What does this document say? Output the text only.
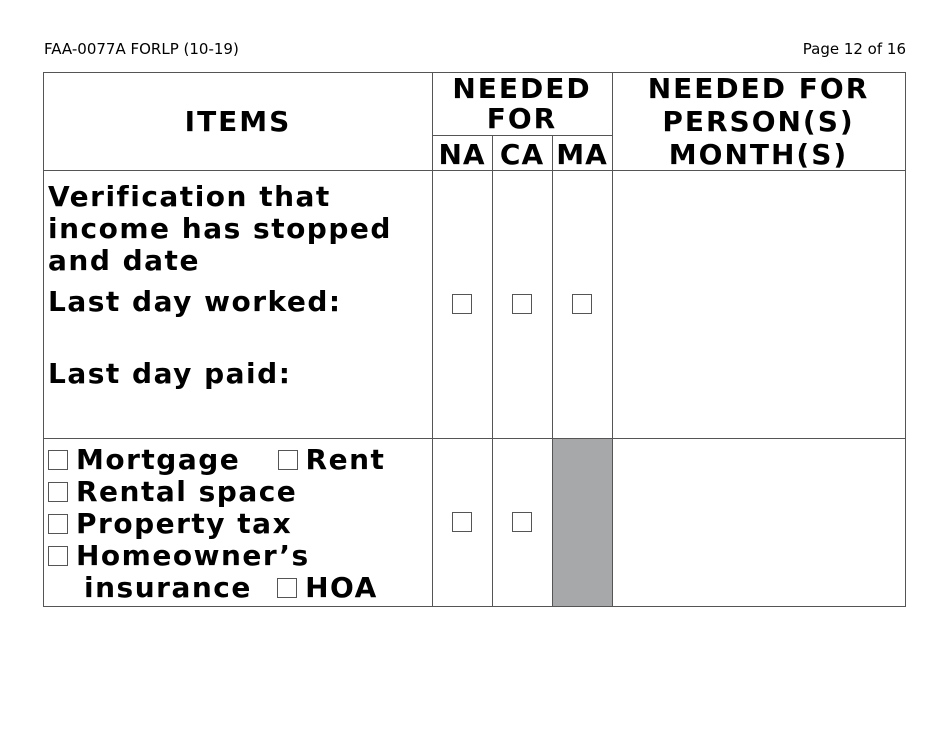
FAA-0077A FORLP (10-19)	Page 12 of 16
ITEMS
NEEDED
FOR
NA CA MA
NEEDED FOR
PERSON(S)
MONTH(S)
Verification that
income has stopped
and date
Last day worked:
Last day paid:
Mortgage Rent
Rental space
Property tax
Homeowner’s
insurance HOA
